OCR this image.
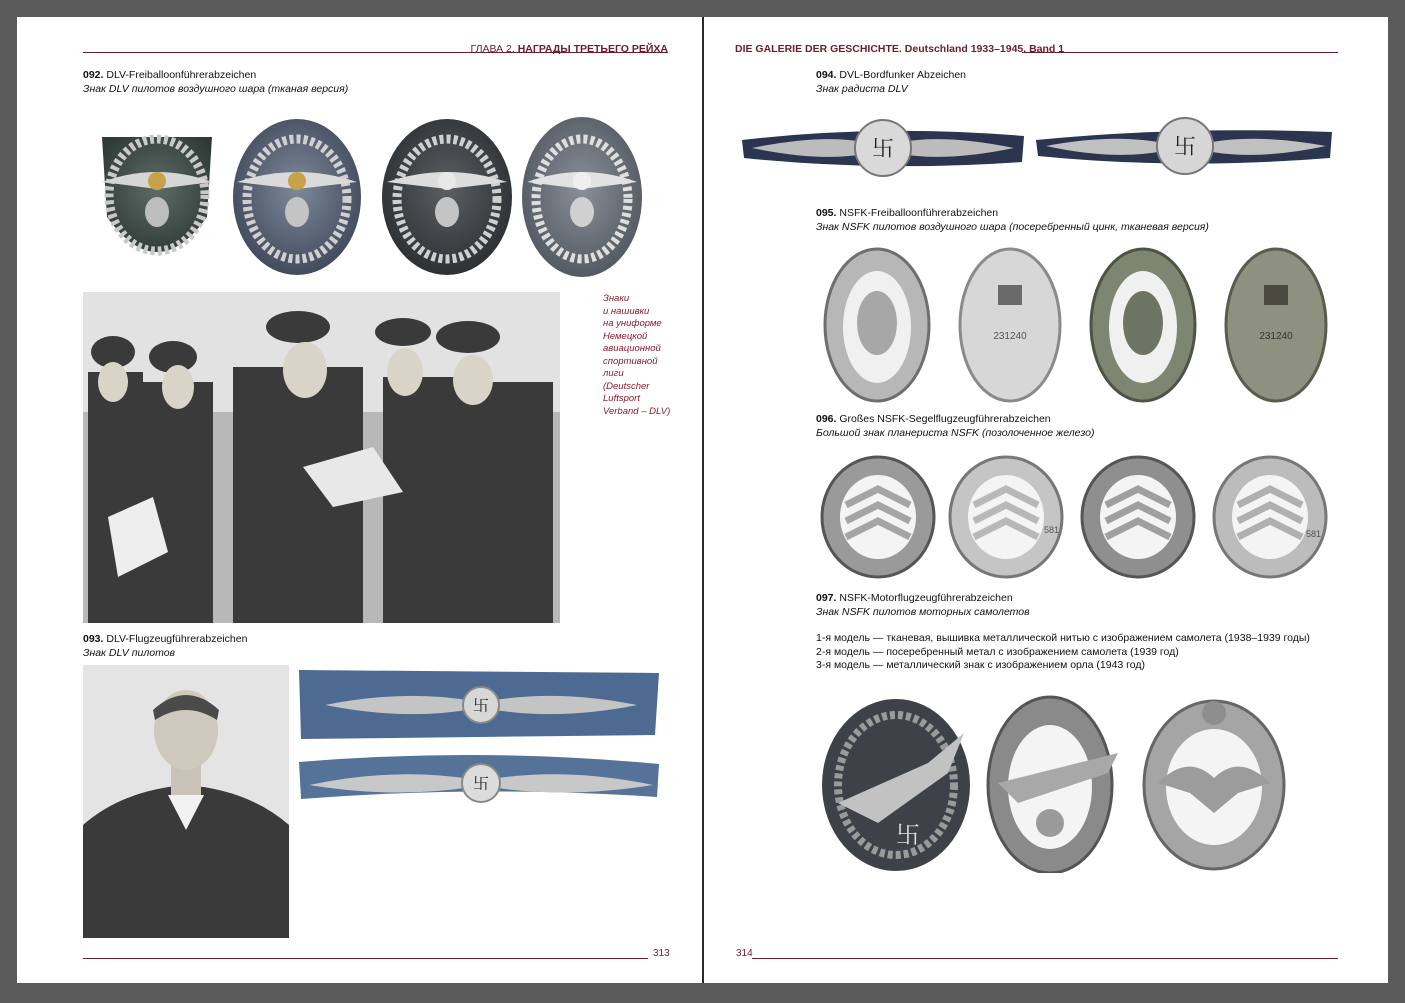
ГЛАВА 2. НАГРАДЫ ТРЕТЬЕГО РЕЙХА
092. DLV-Freiballoonführerabzeichen
Знак DLV пилотов воздушного шара (тканая версия)
Знаки
и нашивки
на униформе
Немецкой
авиационной
спортивной
лиги
(Deutscher
Luftsport
Verband – DLV)
093. DLV-Flugzeugführerabzeichen
Знак DLV пилотов
卐
卐
313
DIE GALERIE DER GESCHICHTE. Deutschland 1933–1945. Band 1
094. DVL-Bordfunker Abzeichen
Знак радиста DLV
卐	卐
095. NSFK-Freiballoonführerabzeichen
Знак NSFK пилотов воздушного шара (посеребренный цинк, тканевая версия)
231240	231240
096. Großes NSFK-Segelflugzeugführerabzeichen
Большой знак планериста NSFK (позолоченное железо)
581	581
097. NSFK-Motorflugzeugführerabzeichen
Знак NSFK пилотов моторных самолетов
1-я модель — тканевая, вышивка металлической нитью с изображением самолета (1938–1939 годы)
2-я модель — посеребренный метал с изображением самолета (1939 год)
3-я модель — металлический знак с изображением орла (1943 год)
卐
314
